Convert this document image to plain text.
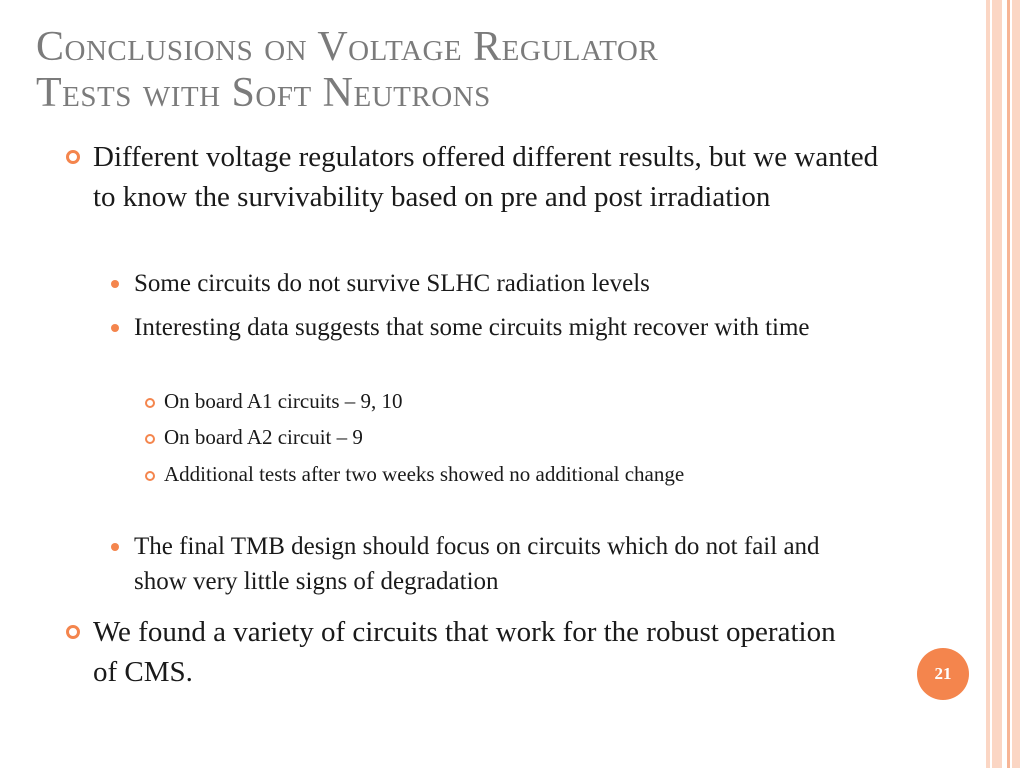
Conclusions on Voltage Regulator
Tests with Soft Neutrons
Different voltage regulators offered different results, but we wanted to know the survivability based on pre and post irradiation
Some circuits do not survive SLHC radiation levels
Interesting data suggests that some circuits might recover with time
On board A1 circuits – 9, 10
On board A2 circuit – 9
Additional tests after two weeks showed no additional change
The final TMB design should focus on circuits which do not fail and show very little signs of degradation
We found a variety of circuits that work for the robust operation of CMS.	21
